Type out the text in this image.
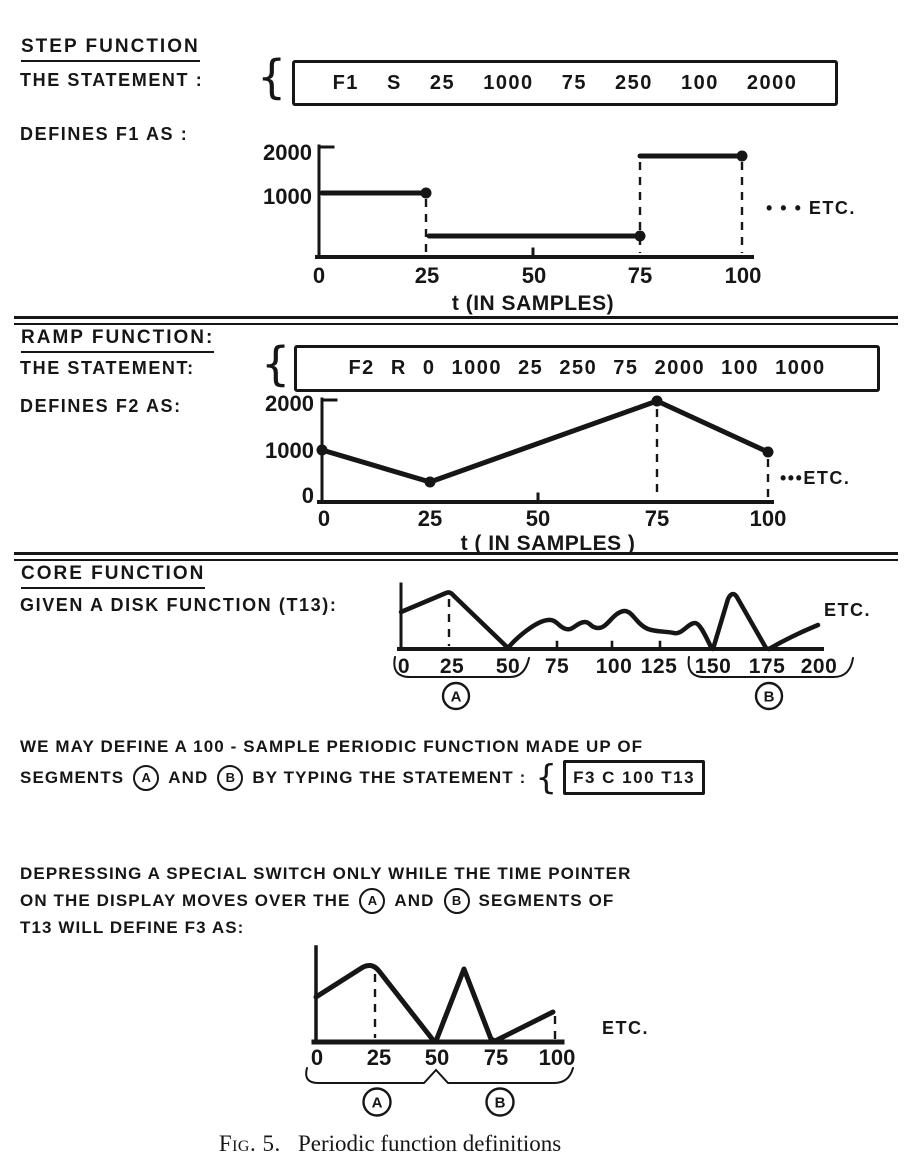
STEP FUNCTION
THE STATEMENT : {	F1 S 25 1000 75 250 100 2000
DEFINES F1 AS :
2000
1000
0	25	50	75	100
t (IN SAMPLES)
• • • ETC.
RAMP FUNCTION:
THE STATEMENT: {	F2 R 0 1000 25 250 75 2000 100 1000
DEFINES F2 AS:	2000
1000
0
0	25	50	75	100
t ( IN SAMPLES )
•••ETC.
CORE FUNCTION
GIVEN A DISK FUNCTION (T13):
0 25 50 75 100 125 150 175 200
A	B
ETC.
WE MAY DEFINE A 100 - SAMPLE PERIODIC FUNCTION MADE UP OF
SEGMENTS A AND B BY TYPING THE STATEMENT : { F3 C 100 T13
DEPRESSING A SPECIAL SWITCH ONLY WHILE THE TIME POINTER
ON THE DISPLAY MOVES OVER THE A AND B SEGMENTS OF
T13 WILL DEFINE F3 AS:
0 25 50 75 100
A	B
ETC.
Fig. 5. Periodic function definitions
